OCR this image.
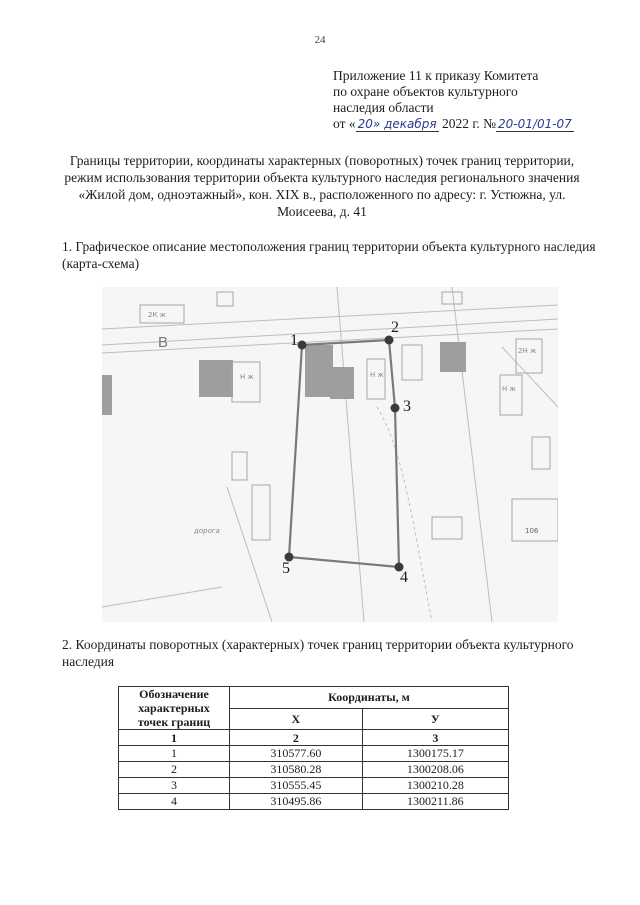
24
Приложение 11 к приказу Комитета
по охране объектов культурного
наследия области
от « 20» декабря 2022 г. № 20-01/01-07
Границы территории, координаты характерных (поворотных) точек границ территории, режим использования территории объекта культурного наследия регионального значения «Жилой дом, одноэтажный», кон. XIX в., расположенного по адресу: г. Устюжна, ул. Моисеева, д. 41
1. Графическое описание местоположения границ территории объекта культурного наследия (карта-схема)
2К ж
Н ж	Н ж
2Н ж
Н ж
В
106
дорога
1
2
3
4
5
2. Координаты поворотных (характерных) точек границ территории объекта культурного наследия
Обозначение характерных точек границ	Координаты, м	
	X	У
1	2	3
1	310577.60	1300175.17
2	310580.28	1300208.06
3	310555.45	1300210.28
4	310495.86	1300211.86
